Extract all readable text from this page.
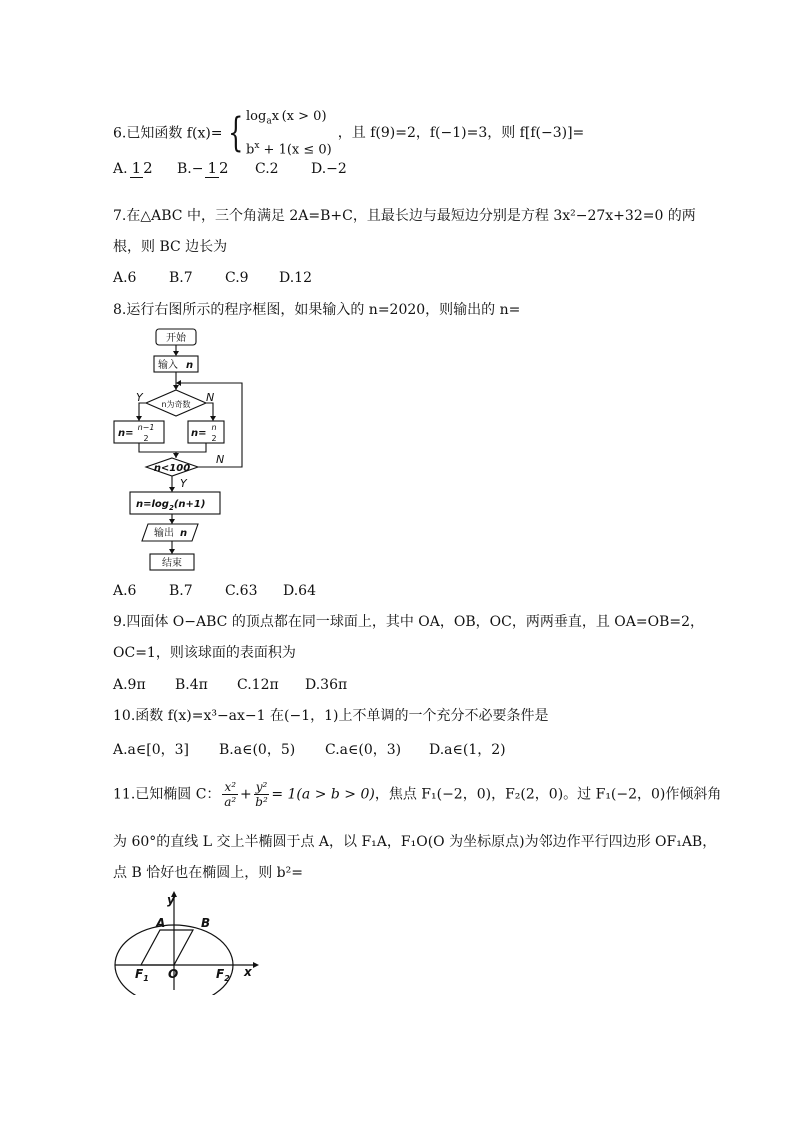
6.已知函数 f(x)= { $\log_ax$ (x > 0)
$b^x + 1(x \le 0)$
，且 f(9)=2，f(−1)=3，则 f[f(−3)]=
A. 1 2 B.− 1 2 C.2 D.−2
7.在△ABC 中，三个角满足 2A=B+C，且最长边与最短边分别是方程 3x²−27x+32=0 的两
根，则 BC 边长为
A.6 B.7 C.9 D.12
8.运行右图所示的程序框图，如果输入的 n=2020，则输出的 n=
开始
输入 n
n为奇数
Y	N
n=
n−1
2	n=
n
2
n<100
N
Y
$n=\log_2(n+1)$
输出 n
结束
A.6 B.7 C.63 D.64
9.四面体 O−ABC 的顶点都在同一球面上，其中 OA，OB，OC，两两垂直，且 OA=OB=2，
OC=1，则该球面的表面积为
A.9π B.4π C.12π D.36π
10.函数 f(x)=x³−ax−1 在(−1，1)上不单调的一个充分不必要条件是
A.a∈[0，3] B.a∈(0，5) C.a∈(0，3) D.a∈(1，2)
11.已知椭圆 C： $\frac{\text{x²}}{\text{a²}} + \frac{\text{y²}}{\text{b²}} = 1(a > b > 0)$，焦点 F₁(−2，0)，F₂(2，0)。过 F₁(−2，0)作倾斜角
为 60°的直线 L 交上半椭圆于点 A，以 F₁A，F₁O(O 为坐标原点)为邻边作平行四边形 OF₁AB，
点 B 恰好也在椭圆上，则 b²=
y
x
A	B
O
$F_1$	$F_2$
